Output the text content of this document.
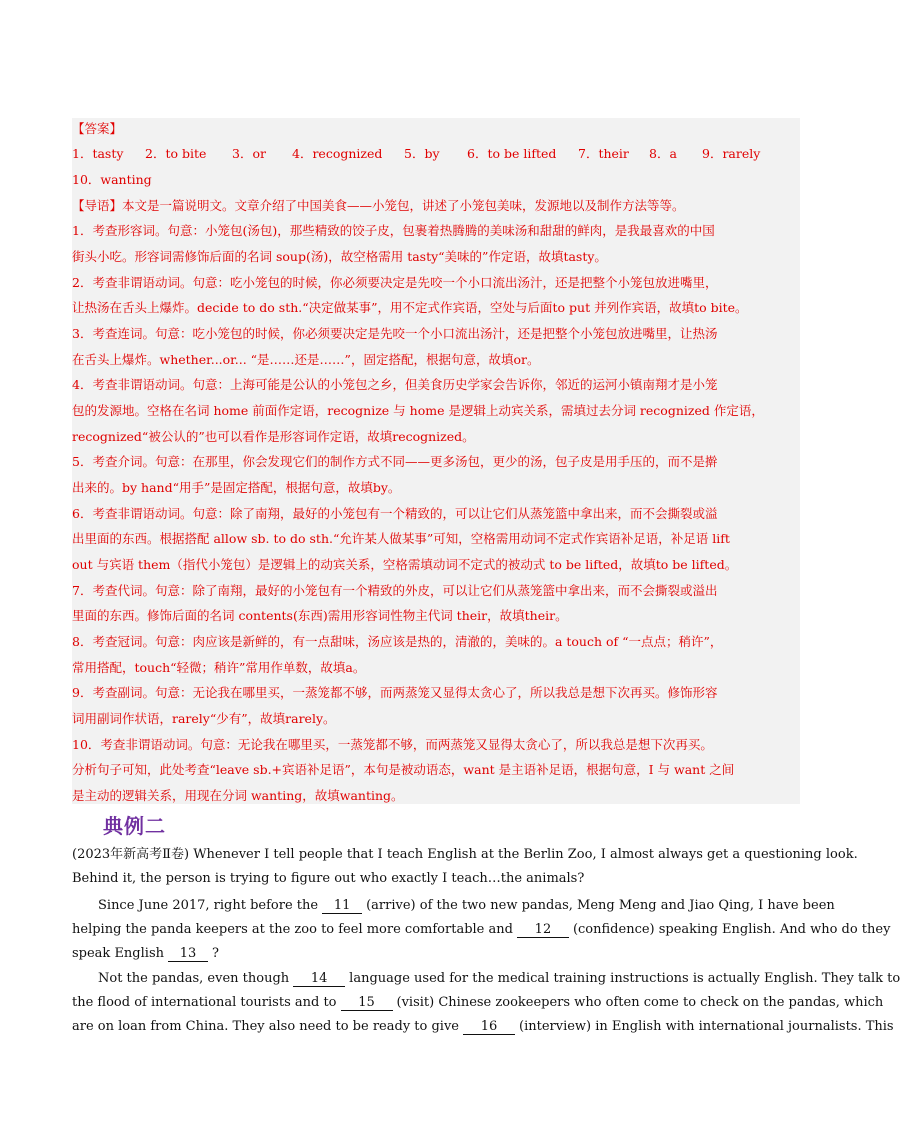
【答案】
1．tasty 2．to bite 3．or 4．recognized 5．by 6．to be lifted 7．their 8．a 9．rarely
10．wanting
【导语】本文是一篇说明文。文章介绍了中国美食——小笼包，讲述了小笼包美味，发源地以及制作方法等等。
1．考查形容词。句意：小笼包(汤包)，那些精致的饺子皮，包裹着热腾腾的美味汤和甜甜的鲜肉，是我最喜欢的中国
街头小吃。形容词需修饰后面的名词 soup(汤)，故空格需用 tasty“美味的”作定语，故填tasty。
2．考查非谓语动词。句意：吃小笼包的时候，你必须要决定是先咬一个小口流出汤汁，还是把整个小笼包放进嘴里，
让热汤在舌头上爆炸。decide to do sth.“决定做某事”，用不定式作宾语，空处与后面to put 并列作宾语，故填to bite。
3．考查连词。句意：吃小笼包的时候，你必须要决定是先咬一个小口流出汤汁，还是把整个小笼包放进嘴里，让热汤
在舌头上爆炸。whether...or... “是……还是……”，固定搭配，根据句意，故填or。
4．考查非谓语动词。句意：上海可能是公认的小笼包之乡，但美食历史学家会告诉你，邻近的运河小镇南翔才是小笼
包的发源地。空格在名词 home 前面作定语，recognize 与 home 是逻辑上动宾关系，需填过去分词 recognized 作定语，
recognized“被公认的”也可以看作是形容词作定语，故填recognized。
5．考查介词。句意：在那里，你会发现它们的制作方式不同——更多汤包，更少的汤，包子皮是用手压的，而不是擀
出来的。by hand“用手”是固定搭配，根据句意，故填by。
6．考查非谓语动词。句意：除了南翔，最好的小笼包有一个精致的，可以让它们从蒸笼篮中拿出来，而不会撕裂或溢
出里面的东西。根据搭配 allow sb. to do sth.“允许某人做某事”可知，空格需用动词不定式作宾语补足语，补足语 lift
out 与宾语 them（指代小笼包）是逻辑上的动宾关系，空格需填动词不定式的被动式 to be lifted，故填to be lifted。
7．考查代词。句意：除了南翔，最好的小笼包有一个精致的外皮，可以让它们从蒸笼篮中拿出来，而不会撕裂或溢出
里面的东西。修饰后面的名词 contents(东西)需用形容词性物主代词 their，故填their。
8．考查冠词。句意：肉应该是新鲜的，有一点甜味，汤应该是热的，清澈的，美味的。a touch of “一点点；稍许”，
常用搭配，touch“轻微；稍许”常用作单数，故填a。
9．考查副词。句意：无论我在哪里买，一蒸笼都不够，而两蒸笼又显得太贪心了，所以我总是想下次再买。修饰形容
词用副词作状语，rarely“少有”，故填rarely。
10．考查非谓语动词。句意：无论我在哪里买，一蒸笼都不够，而两蒸笼又显得太贪心了，所以我总是想下次再买。
分析句子可知，此处考查“leave sb.+宾语补足语”，本句是被动语态，want 是主语补足语，根据句意，I 与 want 之间
是主动的逻辑关系，用现在分词 wanting，故填wanting。
典例二
(2023年新高考Ⅱ卷) Whenever I tell people that I teach English at the Berlin Zoo, I almost always get a questioning look.
Behind it, the person is trying to figure out who exactly I teach…the animals?
Since June 2017, right before the 11 (arrive) of the two new pandas, Meng Meng and Jiao Qing, I have been
helping the panda keepers at the zoo to feel more comfortable and 12 (confidence) speaking English. And who do they
speak English 13 ?
Not the pandas, even though 14 language used for the medical training instructions is actually English. They talk to
the flood of international tourists and to 15 (visit) Chinese zookeepers who often come to check on the pandas, which
are on loan from China. They also need to be ready to give 16 (interview) in English with international journalists. This
